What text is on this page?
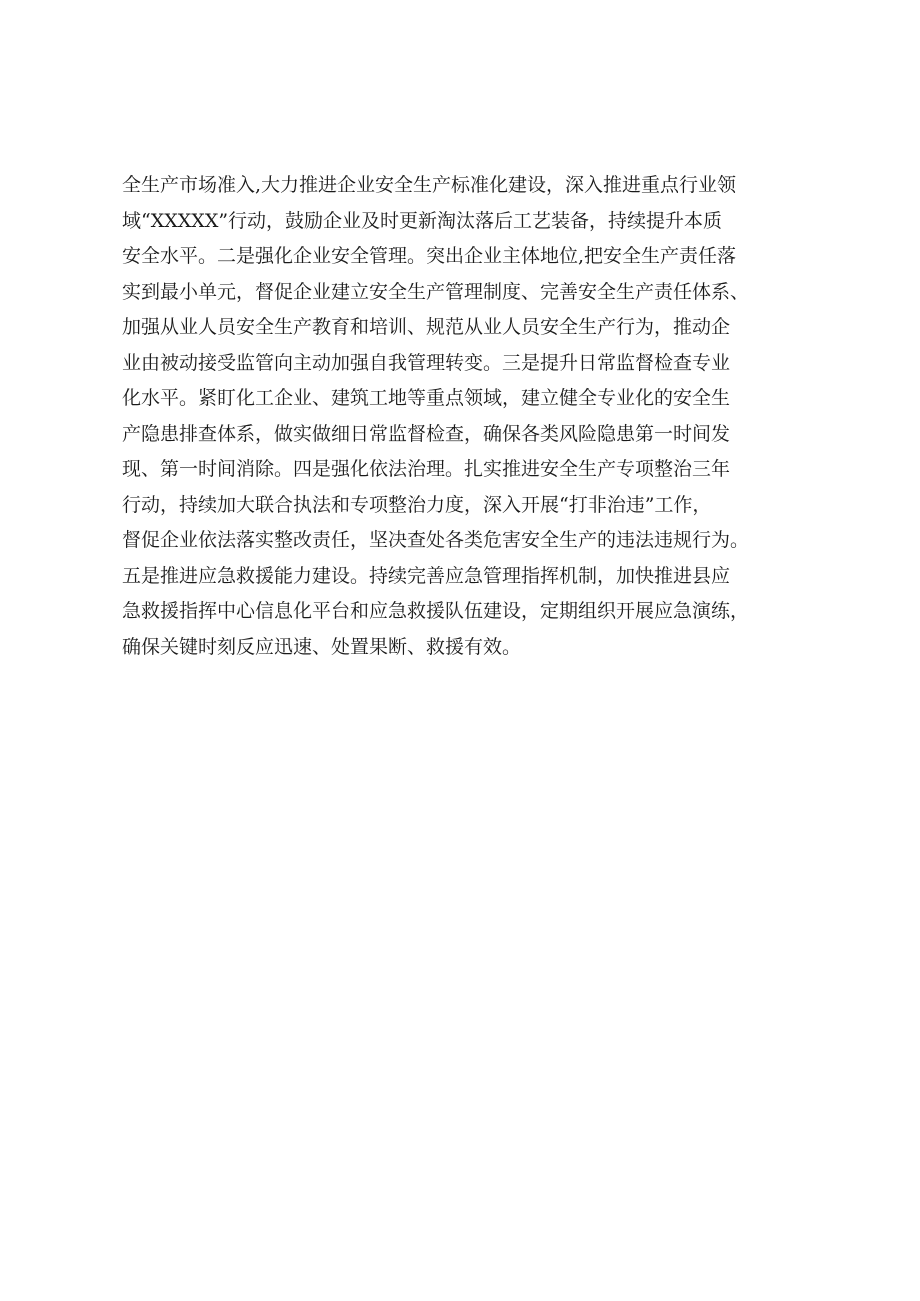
全生产市场准入,大力推进企业安全生产标准化建设，深入推进重点行业领
域“XXXXX”行动，鼓励企业及时更新淘汰落后工艺装备，持续提升本质
安全水平。二是强化企业安全管理。突出企业主体地位,把安全生产责任落
实到最小单元，督促企业建立安全生产管理制度、完善安全生产责任体系、
加强从业人员安全生产教育和培训、规范从业人员安全生产行为，推动企
业由被动接受监管向主动加强自我管理转变。三是提升日常监督检查专业
化水平。紧盯化工企业、建筑工地等重点领域，建立健全专业化的安全生
产隐患排查体系，做实做细日常监督检查，确保各类风险隐患第一时间发
现、第一时间消除。四是强化依法治理。扎实推进安全生产专项整治三年
行动，持续加大联合执法和专项整治力度，深入开展“打非治违”工作，
督促企业依法落实整改责任，坚决查处各类危害安全生产的违法违规行为。
五是推进应急救援能力建设。持续完善应急管理指挥机制，加快推进县应
急救援指挥中心信息化平台和应急救援队伍建设，定期组织开展应急演练，
确保关键时刻反应迅速、处置果断、救援有效。
